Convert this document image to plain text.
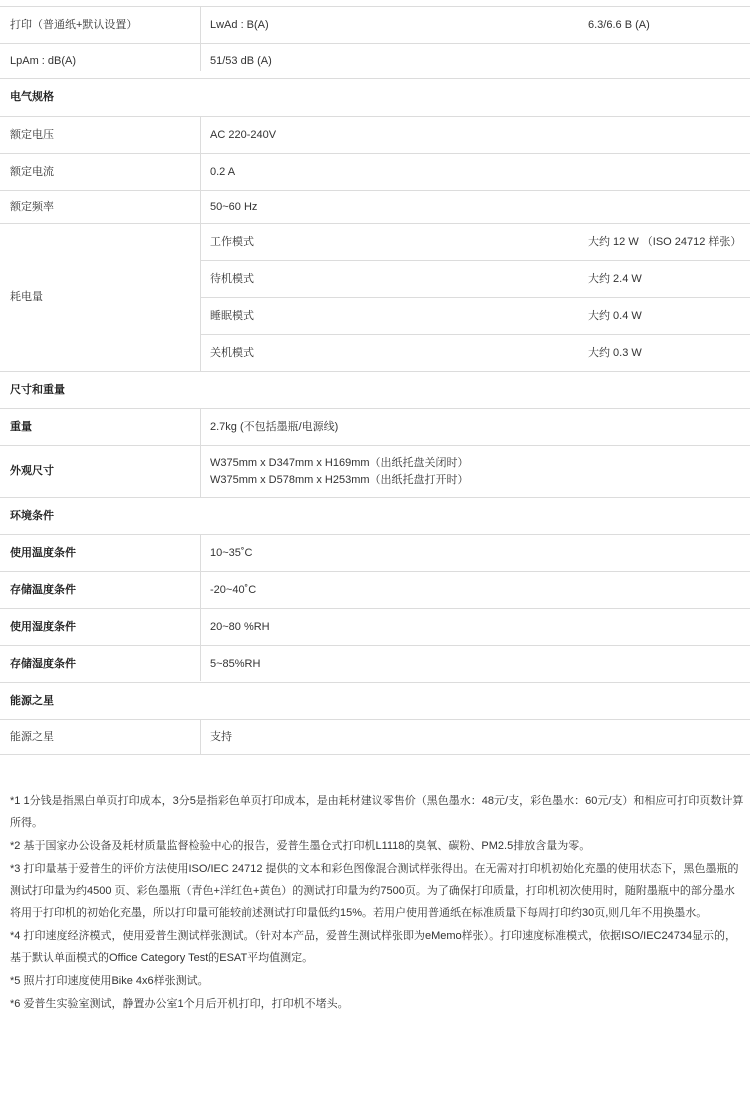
打印（普通纸+默认设置）	LwAd : B(A)	6.3/6.6 B (A)
LpAm : dB(A)	51/53 dB (A)
电气规格
额定电压	AC 220-240V
额定电流	0.2 A
额定频率	50~60 Hz
耗电量
工作模式	大约 12 W （ISO 24712 样张）
待机模式	大约 2.4 W
睡眠模式	大约 0.4 W
关机模式	大约 0.3 W
尺寸和重量
重量	2.7kg (不包括墨瓶/电源线)
外观尺寸
W375mm x D347mm x H169mm（出纸托盘关闭时）
W375mm x D578mm x H253mm（出纸托盘打开时）
环境条件
使用温度条件	10~35˚C
存储温度条件	-20~40˚C
使用湿度条件	20~80 %RH
存储湿度条件	5~85%RH
能源之星
能源之星	支持

*1 1分钱是指黑白单页打印成本，3分5是指彩色单页打印成本，是由耗材建议零售价（黑色墨水：48元/支，彩色墨水：60元/支）和相应可打印页数计算所得。

*2 基于国家办公设备及耗材质量监督检验中心的报告，爱普生墨仓式打印机L1118的臭氧、碳粉、PM2.5排放含量为零。

*3 打印量基于爱普生的评价方法使用ISO/IEC 24712 提供的文本和彩色图像混合测试样张得出。在无需对打印机初始化充墨的使用状态下，黑色墨瓶的测试打印量为约4500 页、彩色墨瓶（青色+洋红色+黄色）的测试打印量为约7500页。为了确保打印质量，打印机初次使用时，随附墨瓶中的部分墨水将用于打印机的初始化充墨，所以打印量可能较前述测试打印量低约15%。若用户使用普通纸在标准质量下每周打印约30页,则几年不用换墨水。

*4 打印速度经济模式，使用爱普生测试样张测试。（针对本产品，爱普生测试样张即为eMemo样张）。打印速度标准模式，依据ISO/IEC24734显示的，基于默认单面模式的Office Category Test的ESAT平均值测定。

*5 照片打印速度使用Bike 4x6样张测试。

*6 爱普生实验室测试，静置办公室1个月后开机打印，打印机不堵头。
